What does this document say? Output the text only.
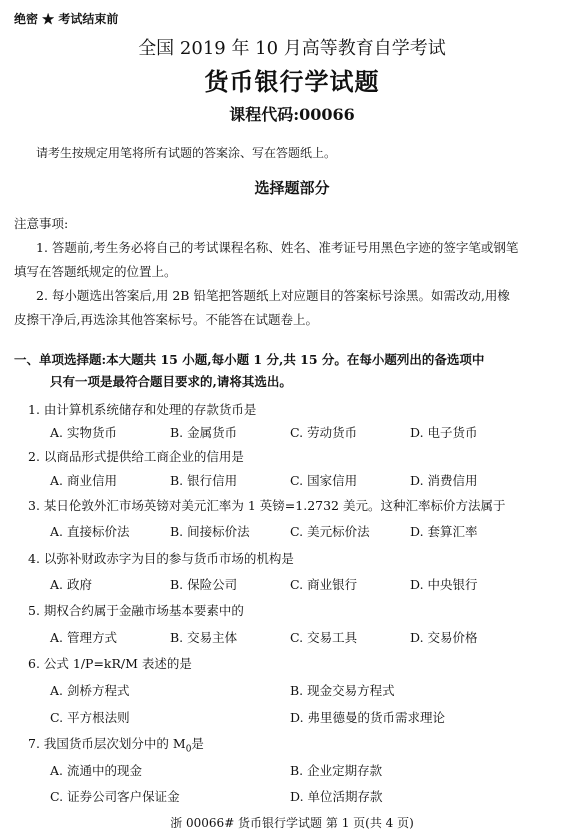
绝密 ★ 考试结束前
全国 2019 年 10 月高等教育自学考试
货币银行学试题
课程代码:00066
请考生按规定用笔将所有试题的答案涂、写在答题纸上。
选择题部分
注意事项:
1. 答题前,考生务必将自己的考试课程名称、姓名、准考证号用黑色字迹的签字笔或钢笔
填写在答题纸规定的位置上。
2. 每小题选出答案后,用 2B 铅笔把答题纸上对应题目的答案标号涂黑。如需改动,用橡
皮擦干净后,再选涂其他答案标号。不能答在试题卷上。
一、单项选择题:本大题共 15 小题,每小题 1 分,共 15 分。在每小题列出的备选项中
只有一项是最符合题目要求的,请将其选出。
1. 由计算机系统储存和处理的存款货币是
A. 实物货币	B. 金属货币	C. 劳动货币	D. 电子货币
2. 以商品形式提供给工商企业的信用是
A. 商业信用	B. 银行信用	C. 国家信用	D. 消费信用
3. 某日伦敦外汇市场英镑对美元汇率为 1 英镑=1.2732 美元。这种汇率标价方法属于
A. 直接标价法	B. 间接标价法	C. 美元标价法	D. 套算汇率
4. 以弥补财政赤字为目的参与货币市场的机构是
A. 政府	B. 保险公司	C. 商业银行	D. 中央银行
5. 期权合约属于金融市场基本要素中的
A. 管理方式	B. 交易主体	C. 交易工具	D. 交易价格
6. 公式 1/P=kR/M 表述的是
A. 剑桥方程式	B. 现金交易方程式
C. 平方根法则	D. 弗里德曼的货币需求理论
7. 我国货币层次划分中的 $M_0$是
A. 流通中的现金	B. 企业定期存款
C. 证券公司客户保证金	D. 单位活期存款
浙 00066# 货币银行学试题 第 1 页(共 4 页)
